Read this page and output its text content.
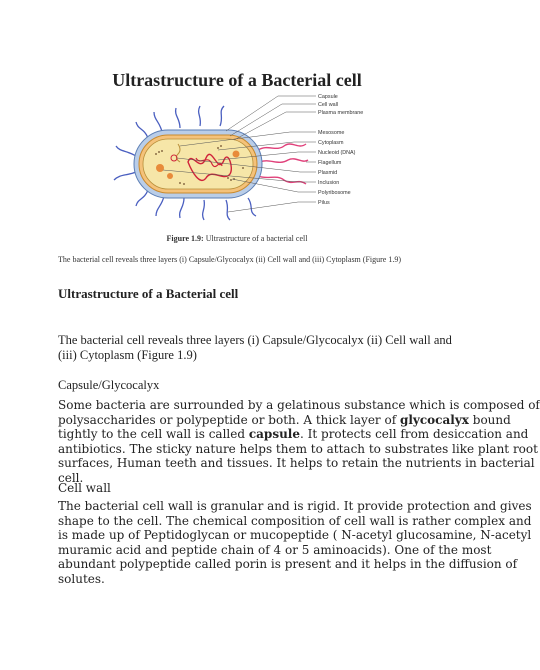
Ultrastructure of a Bacterial cell
Capsule
Cell wall
Plasma membrane
Mesosome
Cytoplasm
Nucleoid (DNA)
Flagellum
Plasmid
Inclusion
Polyribosome
Pilus
Figure 1.9: Ultrastructure of a bacterial cell
The bacterial cell reveals three layers (i) Capsule/Glycocalyx (ii) Cell wall and (iii) Cytoplasm (Figure 1.9)
Ultrastructure of a Bacterial cell
The bacterial cell reveals three layers (i) Capsule/Glycocalyx (ii) Cell wall and
(iii) Cytoplasm (Figure 1.9)
Capsule/Glycocalyx
Some bacteria are surrounded by a gelatinous substance which is composed of
polysaccharides or polypeptide or both. A thick layer of glycocalyx bound
tightly to the cell wall is called capsule. It protects cell from desiccation and
antibiotics. The sticky nature helps them to attach to substrates like plant root
surfaces, Human teeth and tissues. It helps to retain the nutrients in bacterial
cell.
Cell wall
The bacterial cell wall is granular and is rigid. It provide protection and gives
shape to the cell. The chemical composition of cell wall is rather complex and
is made up of Peptidoglycan or mucopeptide ( N-acetyl glucosamine, N-acetyl
muramic acid and peptide chain of 4 or 5 aminoacids). One of the most
abundant polypeptide called porin is present and it helps in the diffusion of
solutes.
